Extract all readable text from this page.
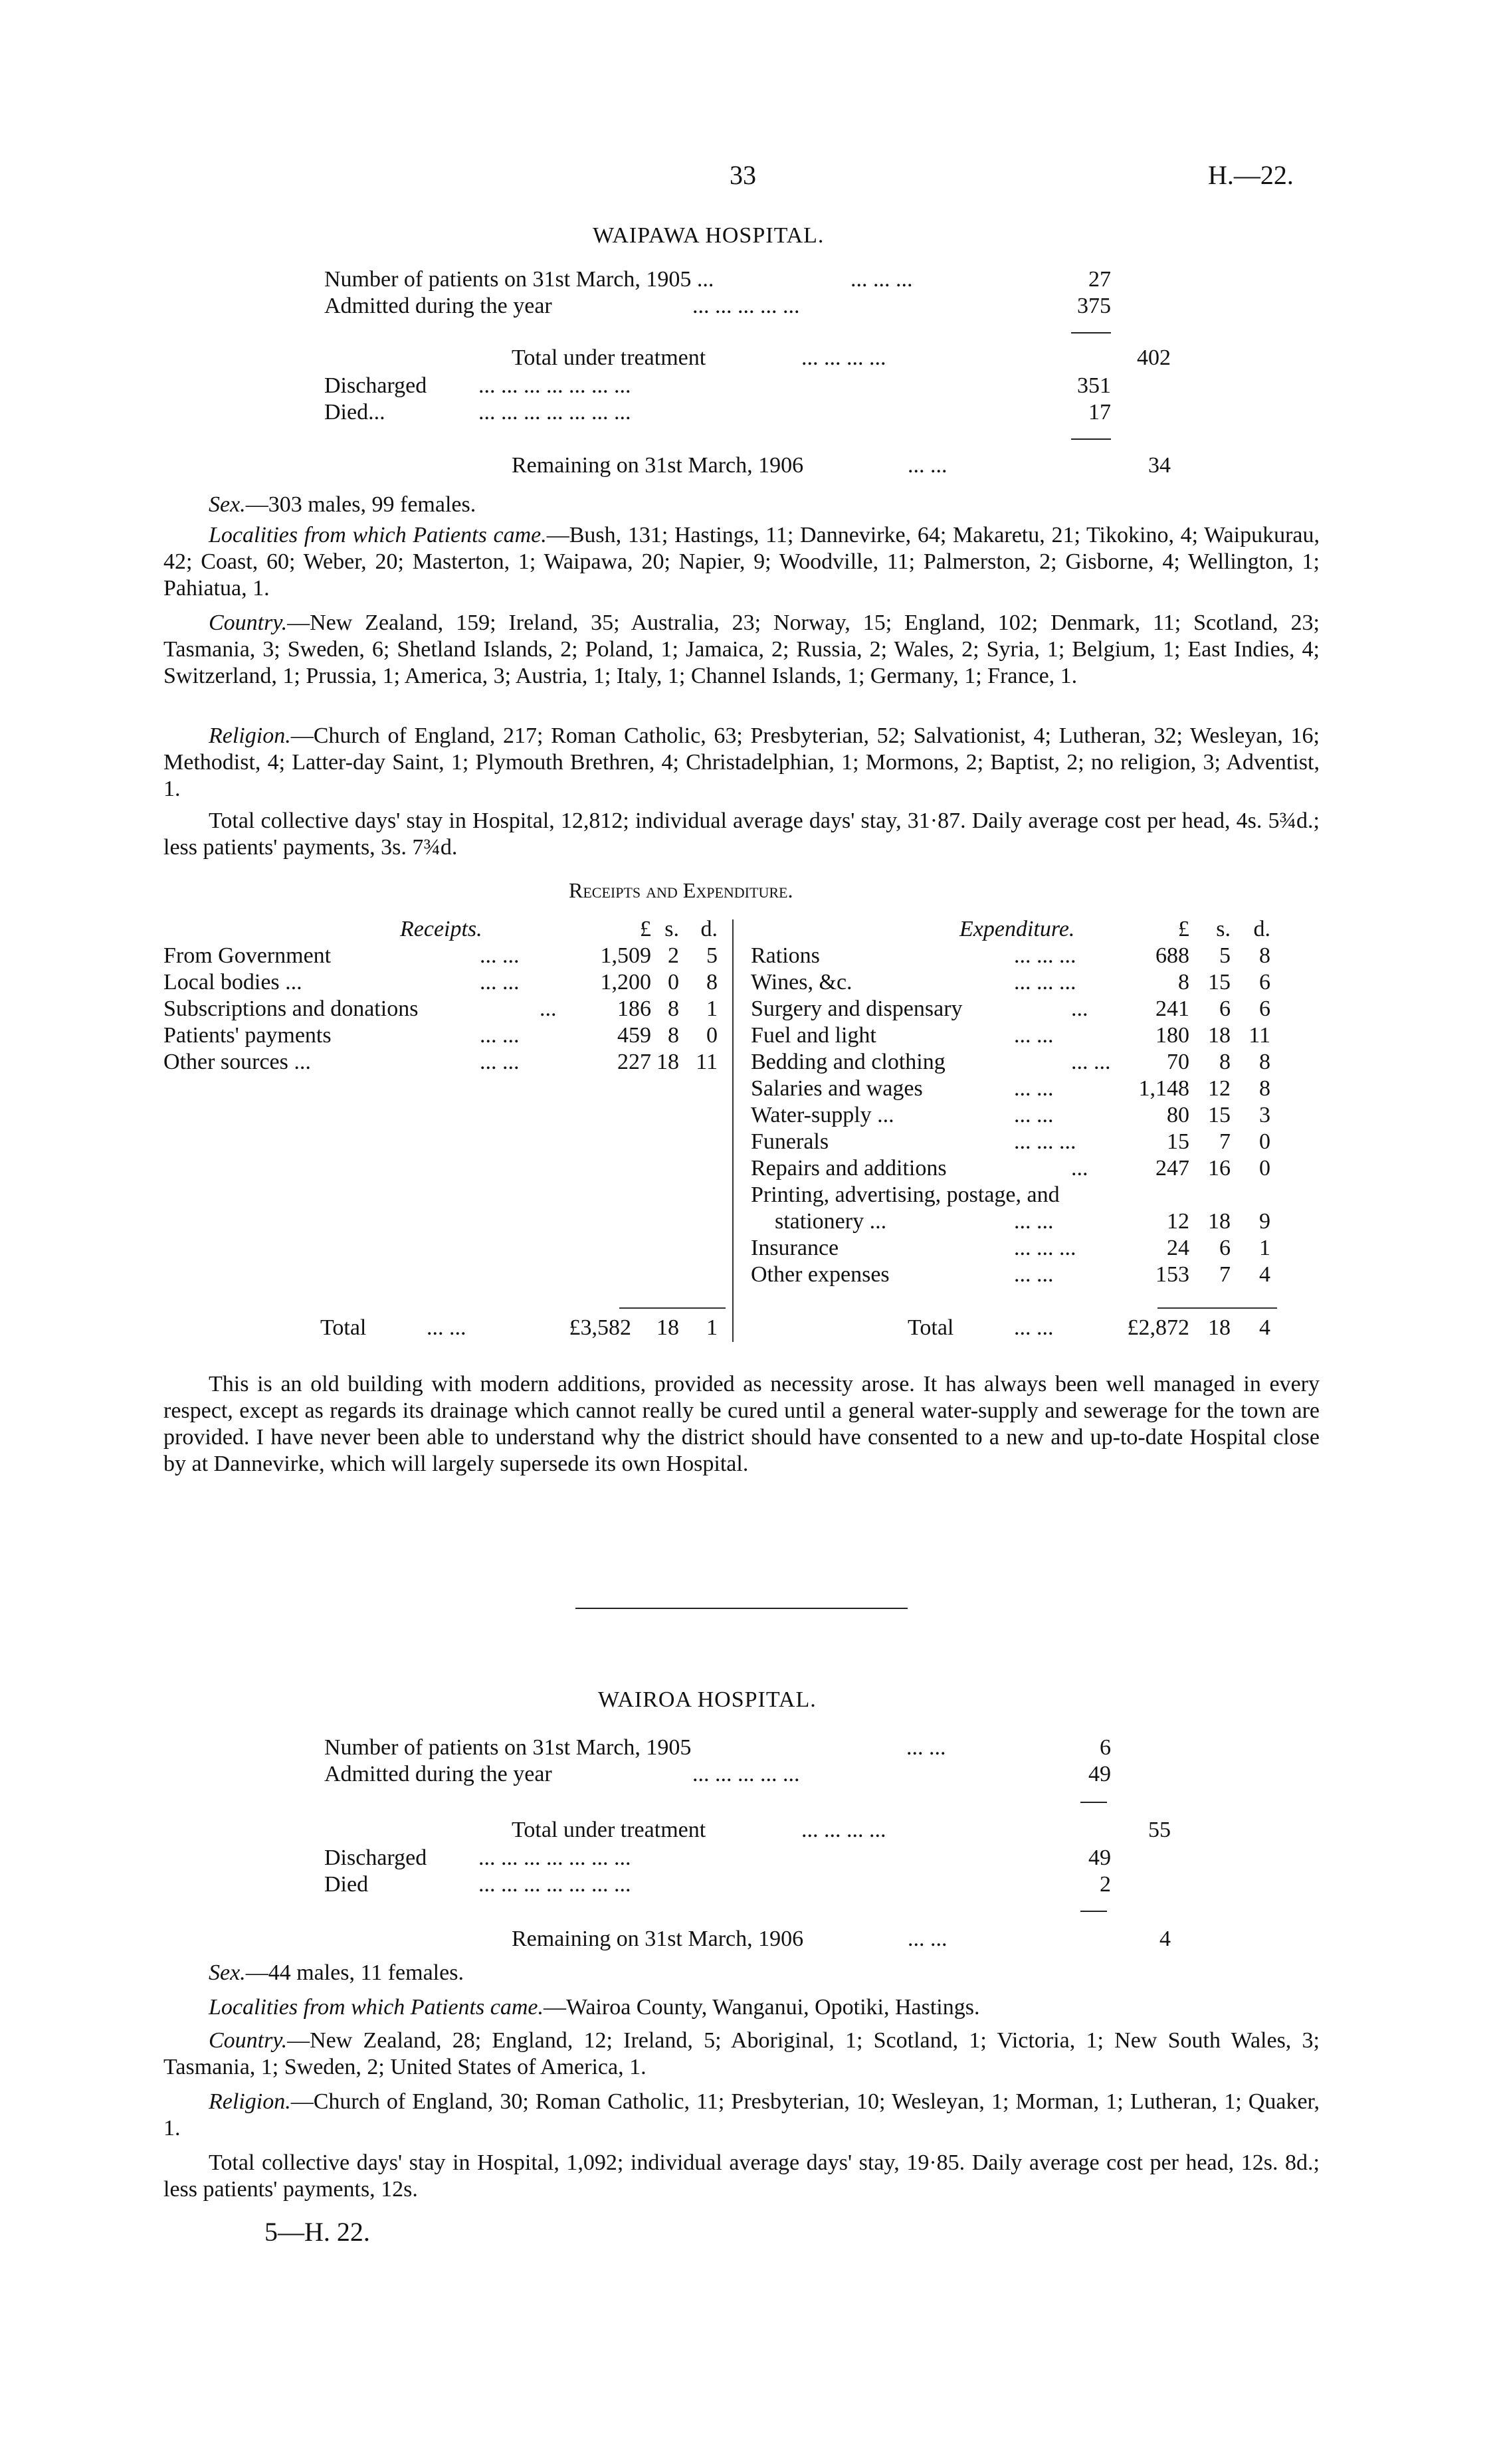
33	H.—22.
WAIPAWA HOSPITAL.
Number of patients on 31st March, 1905 ...	... ... ...	27
Admitted during the year	... ... ... ... ...	375
Total under treatment	... ... ... ...	402
Discharged ... ... ... ... ... ... ...	351
Died...	... ... ... ... ... ... ...	17
Remaining on 31st March, 1906	... ...	34
Sex.—303 males, 99 females.
Localities from which Patients came.—Bush, 131; Hastings, 11; Dannevirke, 64; Makaretu, 21; Tikokino, 4; Waipukurau, 42; Coast, 60; Weber, 20; Masterton, 1; Waipawa, 20; Napier, 9; Woodville, 11; Palmerston, 2; Gisborne, 4; Wellington, 1; Pahiatua, 1.
Country.—New Zealand, 159; Ireland, 35; Australia, 23; Norway, 15; England, 102; Denmark, 11; Scotland, 23; Tasmania, 3; Sweden, 6; Shetland Islands, 2; Poland, 1; Jamaica, 2; Russia, 2; Wales, 2; Syria, 1; Belgium, 1; East Indies, 4; Switzerland, 1; Prussia, 1; America, 3; Austria, 1; Italy, 1; Channel Islands, 1; Germany, 1; France, 1.
Religion.—Church of England, 217; Roman Catholic, 63; Presbyterian, 52; Salvationist, 4; Lutheran, 32; Wesleyan, 16; Methodist, 4; Latter-day Saint, 1; Plymouth Brethren, 4; Christadelphian, 1; Mormons, 2; Baptist, 2; no religion, 3; Adventist, 1.
Total collective days' stay in Hospital, 12,812; individual average days' stay, 31·87. Daily average cost per head, 4s. 5¾d.; less patients' payments, 3s. 7¾d.
Receipts and Expenditure.
Receipts.	£ s. d.
From Government	... ...	1,509 2	5
Local bodies ...	... ...	1,200 0	8
Subscriptions and donations	...	186 8	1
Patients' payments	... ...	459 8	0
Other sources ...	... ...	227 18 11
Total	... ...	£3,582	18	1
Expenditure.	£	s.	d.
Rations	... ... ...	688	5	8
Wines, &c.	... ... ...	8 15	6
Surgery and dispensary	...	241	6	6
Fuel and light	... ...	180 18 11
Bedding and clothing	... ...	70	8	8
Salaries and wages	... ...	1,148 12	8
Water-supply ...	... ...	80 15	3
Funerals	... ... ...	15	7	0
Repairs and additions	...	247 16	0
Printing, advertising, postage, and
stationery ...	... ...	12 18	9
Insurance	... ... ...	24	6	1
Other expenses	... ...	153	7	4
Total	... ...	£2,872 18	4
This is an old building with modern additions, provided as necessity arose. It has always been well managed in every respect, except as regards its drainage which cannot really be cured until a general water-supply and sewerage for the town are provided. I have never been able to understand why the district should have consented to a new and up-to-date Hospital close by at Dannevirke, which will largely supersede its own Hospital.
WAIROA HOSPITAL.
Number of patients on 31st March, 1905	... ...	6
Admitted during the year	... ... ... ... ...	49
Total under treatment	... ... ... ...	55
Discharged ... ... ... ... ... ... ...	49
Died	... ... ... ... ... ... ...	2
Remaining on 31st March, 1906	... ...	4
Sex.—44 males, 11 females.
Localities from which Patients came.—Wairoa County, Wanganui, Opotiki, Hastings.
Country.—New Zealand, 28; England, 12; Ireland, 5; Aboriginal, 1; Scotland, 1; Victoria, 1; New South Wales, 3; Tasmania, 1; Sweden, 2; United States of America, 1.
Religion.—Church of England, 30; Roman Catholic, 11; Presbyterian, 10; Wesleyan, 1; Morman, 1; Lutheran, 1; Quaker, 1.
Total collective days' stay in Hospital, 1,092; individual average days' stay, 19·85. Daily average cost per head, 12s. 8d.; less patients' payments, 12s.
5—H. 22.
